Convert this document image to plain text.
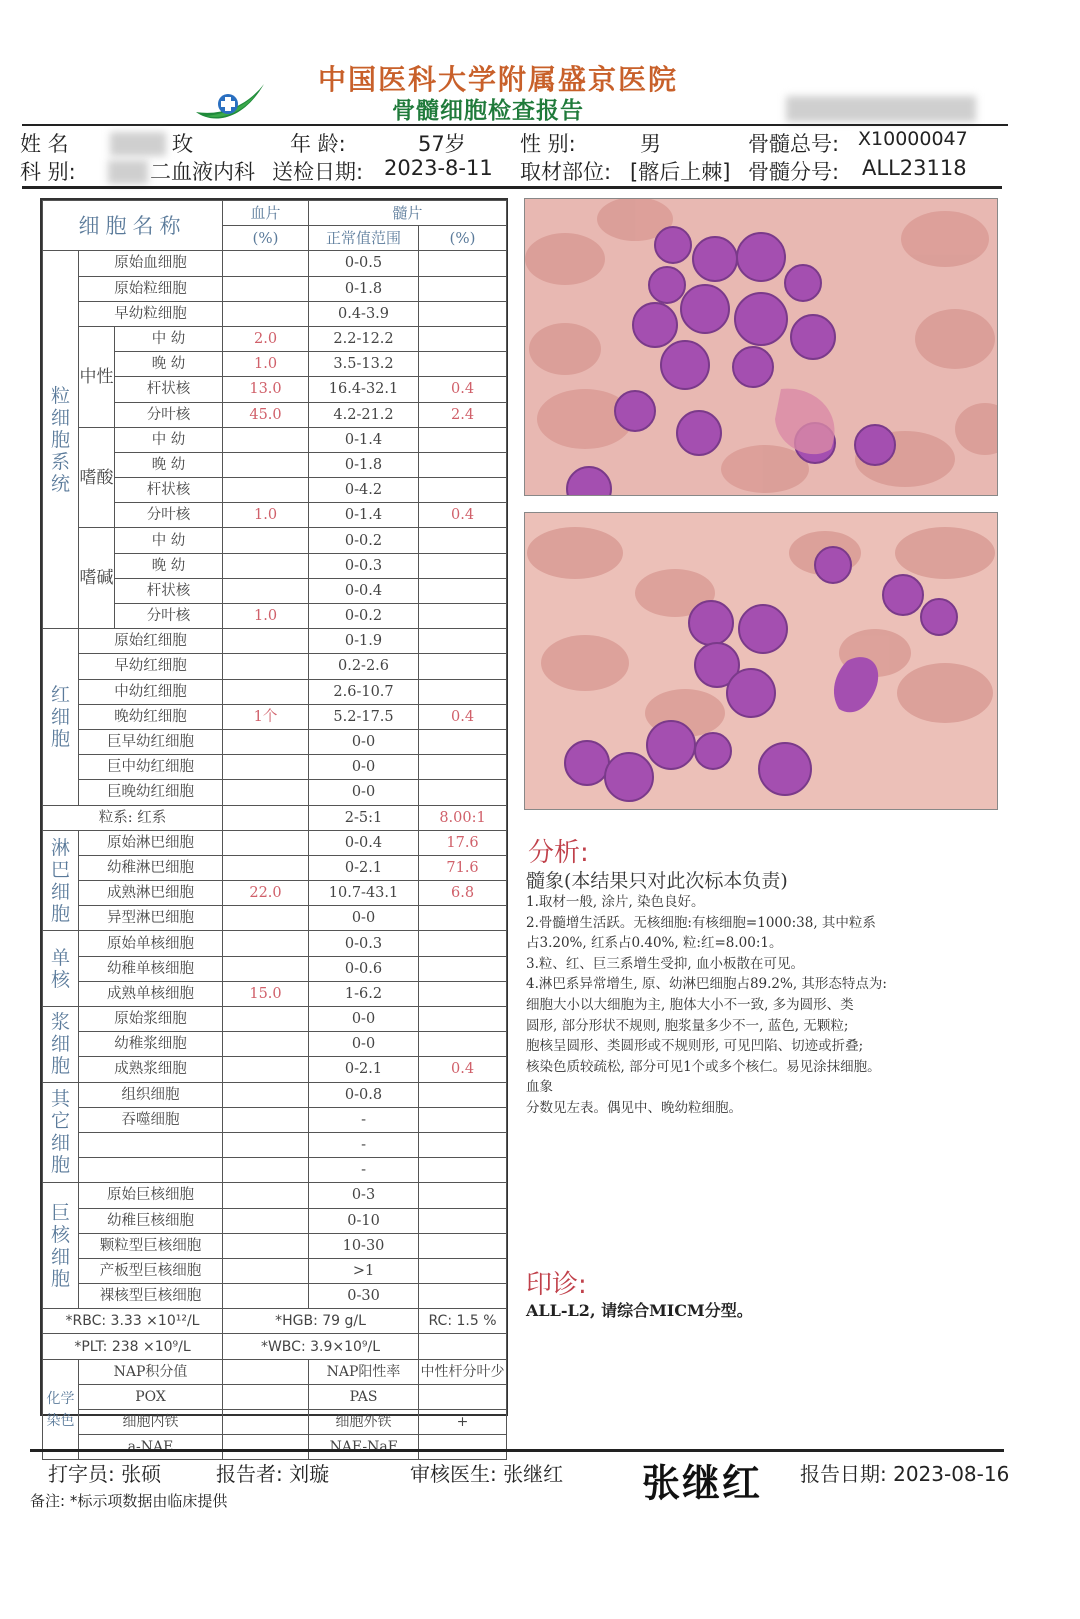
中国医科大学附属盛京医院
骨髓细胞检查报告
姓 名	玫	年 龄:	57岁	性 别:	男	骨髓总号: X10000047
科 别:	二血液内科 送检日期: 2023-8-11 取材部位: [髂后上棘] 骨髓分号: ALL23118
细胞名称			血片	髓片	
			(%)	正常值范围	(%)
粒细胞系统	原始血细胞			0-0.5	
	原始粒细胞			0-1.8	
	早幼粒细胞			0.4-3.9	
	中性	中 幼	2.0	2.2-12.2	
		晚 幼	1.0	3.5-13.2	
		杆状核	13.0	16.4-32.1	0.4
		分叶核	45.0	4.2-21.2	2.4
	嗜酸	中 幼		0-1.4	
		晚 幼		0-1.8	
		杆状核		0-4.2	
		分叶核	1.0	0-1.4	0.4
	嗜碱	中 幼		0-0.2	
		晚 幼		0-0.3	
		杆状核		0-0.4	
		分叶核	1.0	0-0.2	
红细胞	原始红细胞			0-1.9	
	早幼红细胞			0.2-2.6	
	中幼红细胞			2.6-10.7	
	晚幼红细胞		1个	5.2-17.5	0.4
	巨早幼红细胞			0-0	
	巨中幼红细胞			0-0	
	巨晚幼红细胞			0-0	
粒系: 红系				2-5:1	8.00:1
淋巴细胞	原始淋巴细胞			0-0.4	17.6
	幼稚淋巴细胞			0-2.1	71.6
	成熟淋巴细胞		22.0	10.7-43.1	6.8
	异型淋巴细胞			0-0	
单核	原始单核细胞			0-0.3	
	幼稚单核细胞			0-0.6	
	成熟单核细胞		15.0	1-6.2	
浆细胞	原始浆细胞			0-0	
	幼稚浆细胞			0-0	
	成熟浆细胞			0-2.1	0.4
其它细胞	组织细胞			0-0.8	
	吞噬细胞			-	
				-	
				-	
巨核细胞	原始巨核细胞			0-3	
	幼稚巨核细胞			0-10	
	颗粒型巨核细胞			10-30	
	产板型巨核细胞			>1	
	裸核型巨核细胞			0-30	
*RBC: 3.33 ×10¹²/L			*HGB: 79 g/L		RC: 1.5 %
*PLT: 238 ×10⁹/L			*WBC: 3.9×10⁹/L		
化学染色	NAP积分值			NAP阳性率	中性杆分叶少
	POX			PAS	
	细胞内铁			细胞外铁	+
	a-NAE			NAE-NaF	
分析:
髓象(本结果只对此次标本负责)
1.取材一般, 涂片, 染色良好。
2.骨髓增生活跃。无核细胞:有核细胞=1000:38, 其中粒系
占3.20%, 红系占0.40%, 粒:红=8.00:1。
3.粒、红、巨三系增生受抑, 血小板散在可见。
4.淋巴系异常增生, 原、幼淋巴细胞占89.2%, 其形态特点为:
细胞大小以大细胞为主, 胞体大小不一致, 多为圆形、类
圆形, 部分形状不规则, 胞浆量多少不一, 蓝色, 无颗粒;
胞核呈圆形、类圆形或不规则形, 可见凹陷、切迹或折叠;
核染色质较疏松, 部分可见1个或多个核仁。易见涂抹细胞。
血象
分数见左表。偶见中、晚幼粒细胞。
印诊:
ALL-L2, 请综合MICM分型。
打字员: 张硕	报告者: 刘璇	审核医生: 张继红 张继红 报告日期: 2023-08-16
备注: *标示项数据由临床提供
